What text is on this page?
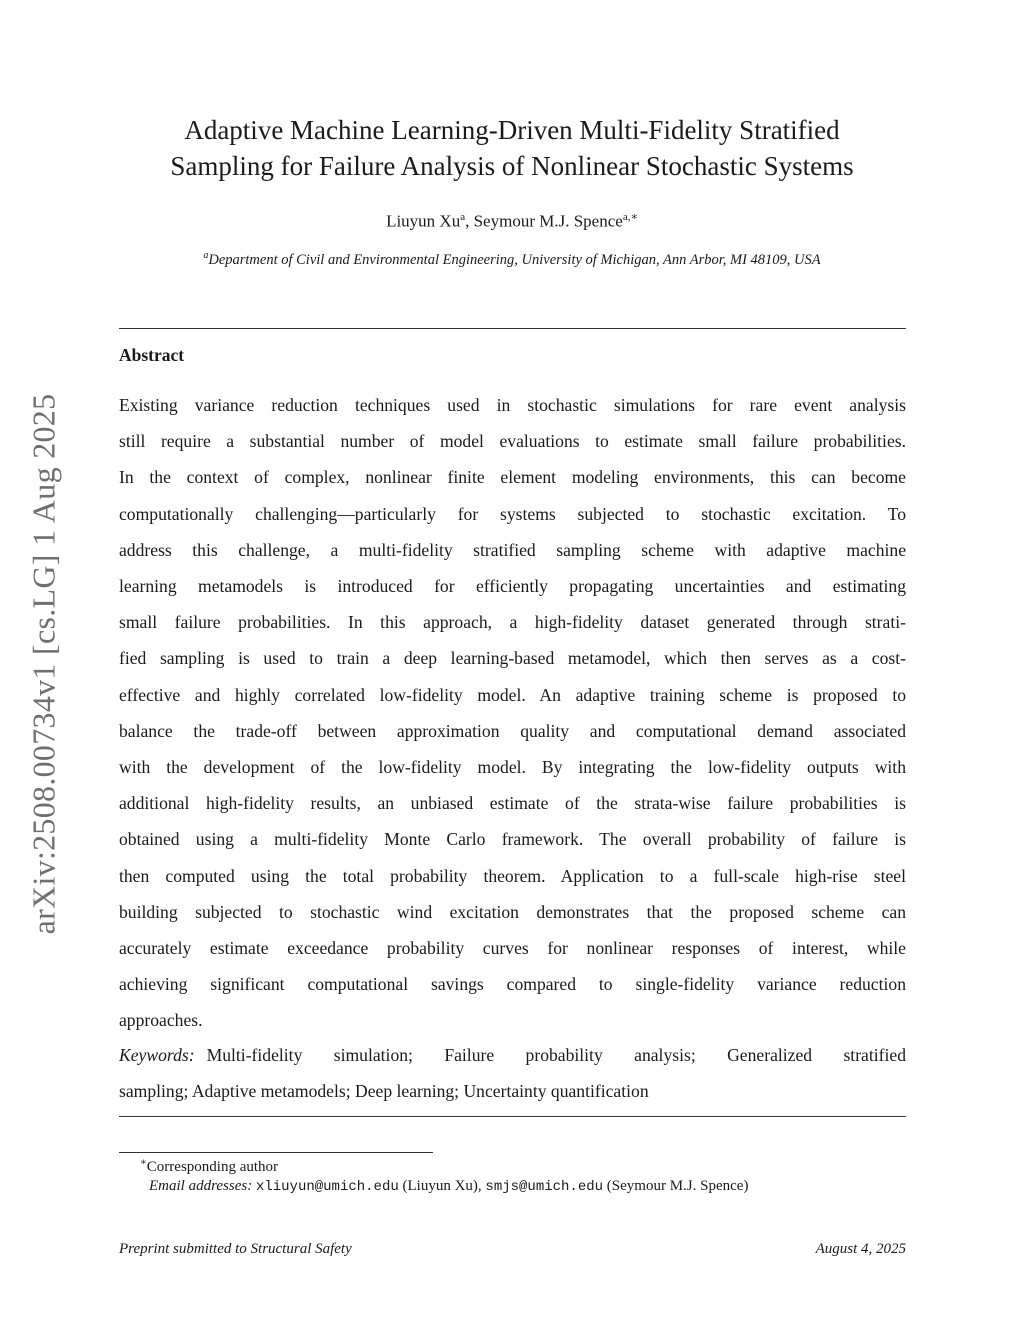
arXiv:2508.00734v1 [cs.LG] 1 Aug 2025
Adaptive Machine Learning-Driven Multi-Fidelity Stratified
Sampling for Failure Analysis of Nonlinear Stochastic Systems
Liuyun Xu$^a$, Seymour M.J. Spence$^{a,∗}$
$^a$Department of Civil and Environmental Engineering, University of Michigan, Ann Arbor, MI 48109, USA
Abstract
Existing variance reduction techniques used in stochastic simulations for rare event analysis
still require a substantial number of model evaluations to estimate small failure probabilities.
In the context of complex, nonlinear finite element modeling environments, this can become
computationally challenging—particularly for systems subjected to stochastic excitation. To
address this challenge, a multi-fidelity stratified sampling scheme with adaptive machine
learning metamodels is introduced for efficiently propagating uncertainties and estimating
small failure probabilities. In this approach, a high-fidelity dataset generated through strati-
fied sampling is used to train a deep learning-based metamodel, which then serves as a cost-
effective and highly correlated low-fidelity model. An adaptive training scheme is proposed to
balance the trade-off between approximation quality and computational demand associated
with the development of the low-fidelity model. By integrating the low-fidelity outputs with
additional high-fidelity results, an unbiased estimate of the strata-wise failure probabilities is
obtained using a multi-fidelity Monte Carlo framework. The overall probability of failure is
then computed using the total probability theorem. Application to a full-scale high-rise steel
building subjected to stochastic wind excitation demonstrates that the proposed scheme can
accurately estimate exceedance probability curves for nonlinear responses of interest, while
achieving significant computational savings compared to single-fidelity variance reduction
approaches.
Keywords: Multi-fidelity simulation; Failure probability analysis; Generalized stratified
sampling; Adaptive metamodels; Deep learning; Uncertainty quantification
∗Corresponding author
Email addresses: xliuyun@umich.edu (Liuyun Xu), smjs@umich.edu (Seymour M.J. Spence)
Preprint submitted to Structural Safety	August 4, 2025
